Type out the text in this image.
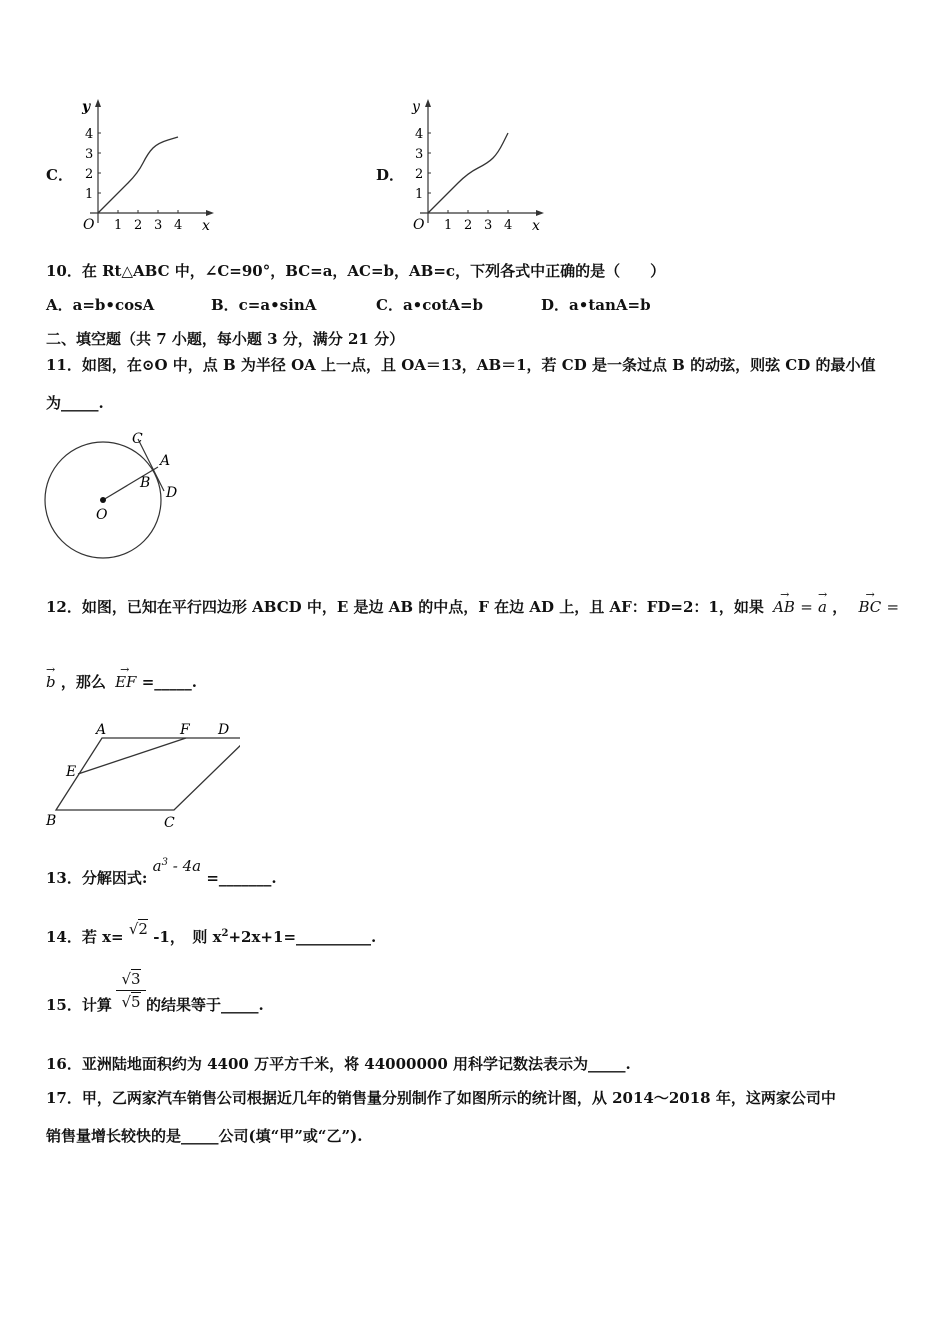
C．
y
x
O 1 2 3 4
1
2
3
4
D．
y
x
O 1 2 3 4
1
2
3
4
10．在 Rt△ABC 中，∠C=90°，BC=a，AC=b，AB=c，下列各式中正确的是（　　）
A．a=b•cosA	B．c=a•sinA	C．a•cotA=b	D．a•tanA=b
二、填空题（共 7 小题，每小题 3 分，满分 21 分）
11．如图，在⊙O 中，点 B 为半径 OA 上一点，且 OA＝13，AB＝1，若 CD 是一条过点 B 的动弦，则弦 CD 的最小值
为_____.
C
A
B
D
O
12．如图，已知在平行四边形 ABCD 中，E 是边 AB 的中点，F 在边 AD 上，且 AF：FD=2：1，如果
→
AB =
→
a ，
→
BC =
→
b ，那么
→
EF =_____.
A	F D
E
B	C
13．分解因式: $a^3 - 4a$ =_______.
14．若 x= √2 -1，　则 $x^2+2x+1=\_\_\_\_\_\_\_\_\_\_$.
15．计算
√3
√5 的结果等于_____.
16．亚洲陆地面积约为 4400 万平方千米，将 44000000 用科学记数法表示为_____.
17．甲，乙两家汽车销售公司根据近几年的销售量分别制作了如图所示的统计图，从 2014～2018 年，这两家公司中
销售量增长较快的是_____公司(填“甲”或“乙”).
